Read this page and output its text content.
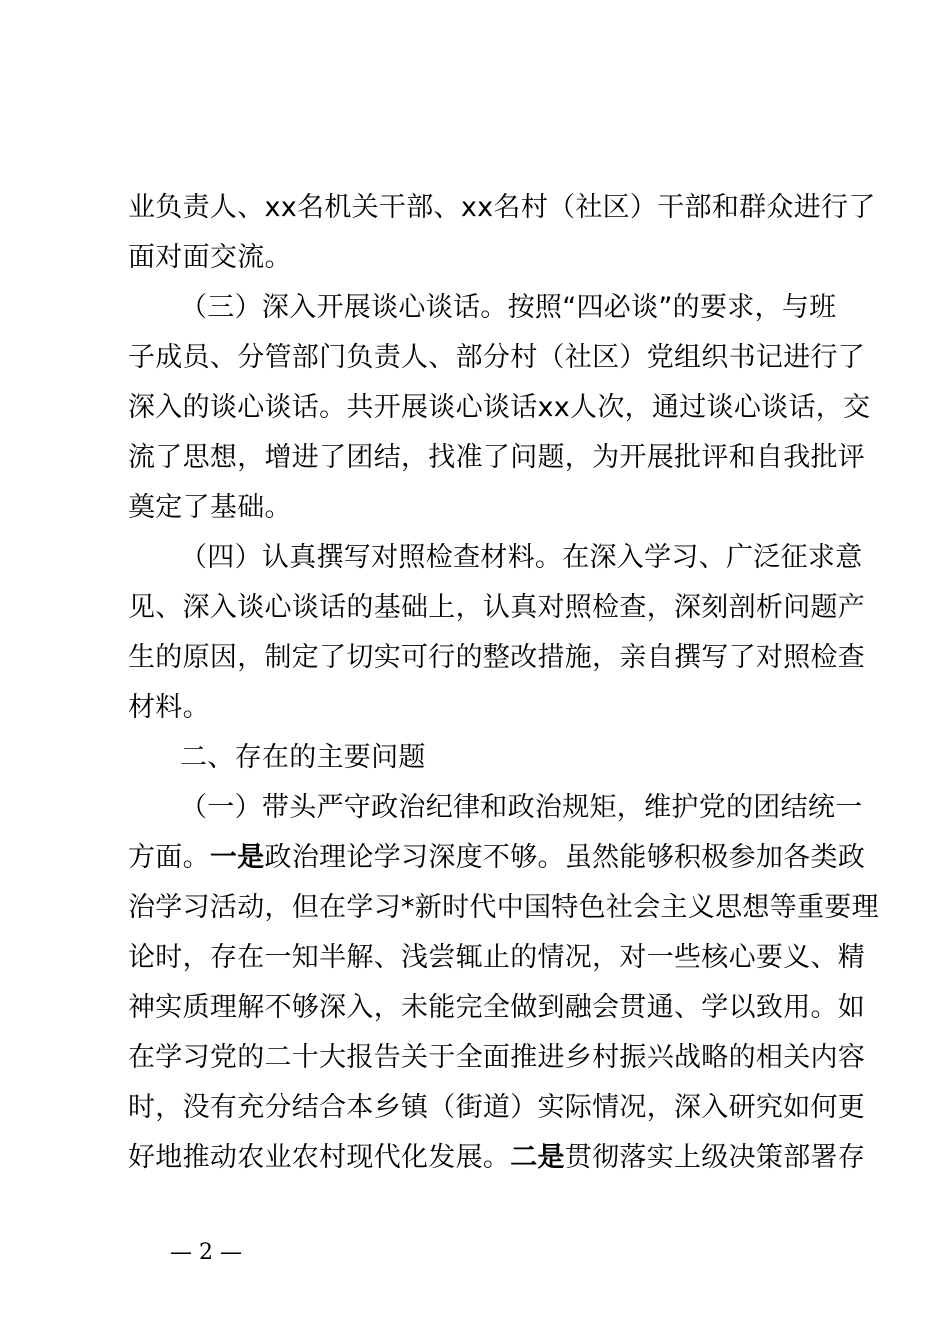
业负责人、xx名机关干部、xx名村（社区）干部和群众进行了
面对面交流。
（三）深入开展谈心谈话。按照“四必谈”的要求，与班
子成员、分管部门负责人、部分村（社区）党组织书记进行了
深入的谈心谈话。共开展谈心谈话xx人次，通过谈心谈话，交
流了思想，增进了团结，找准了问题，为开展批评和自我批评
奠定了基础。
（四）认真撰写对照检查材料。在深入学习、广泛征求意
见、深入谈心谈话的基础上，认真对照检查，深刻剖析问题产
生的原因，制定了切实可行的整改措施，亲自撰写了对照检查
材料。
二、存在的主要问题
（一）带头严守政治纪律和政治规矩，维护党的团结统一
方面。一是政治理论学习深度不够。虽然能够积极参加各类政
治学习活动，但在学习*新时代中国特色社会主义思想等重要理
论时，存在一知半解、浅尝辄止的情况，对一些核心要义、精
神实质理解不够深入，未能完全做到融会贯通、学以致用。如
在学习党的二十大报告关于全面推进乡村振兴战略的相关内容
时，没有充分结合本乡镇（街道）实际情况，深入研究如何更
好地推动农业农村现代化发展。二是贯彻落实上级决策部署存
— 2 —
